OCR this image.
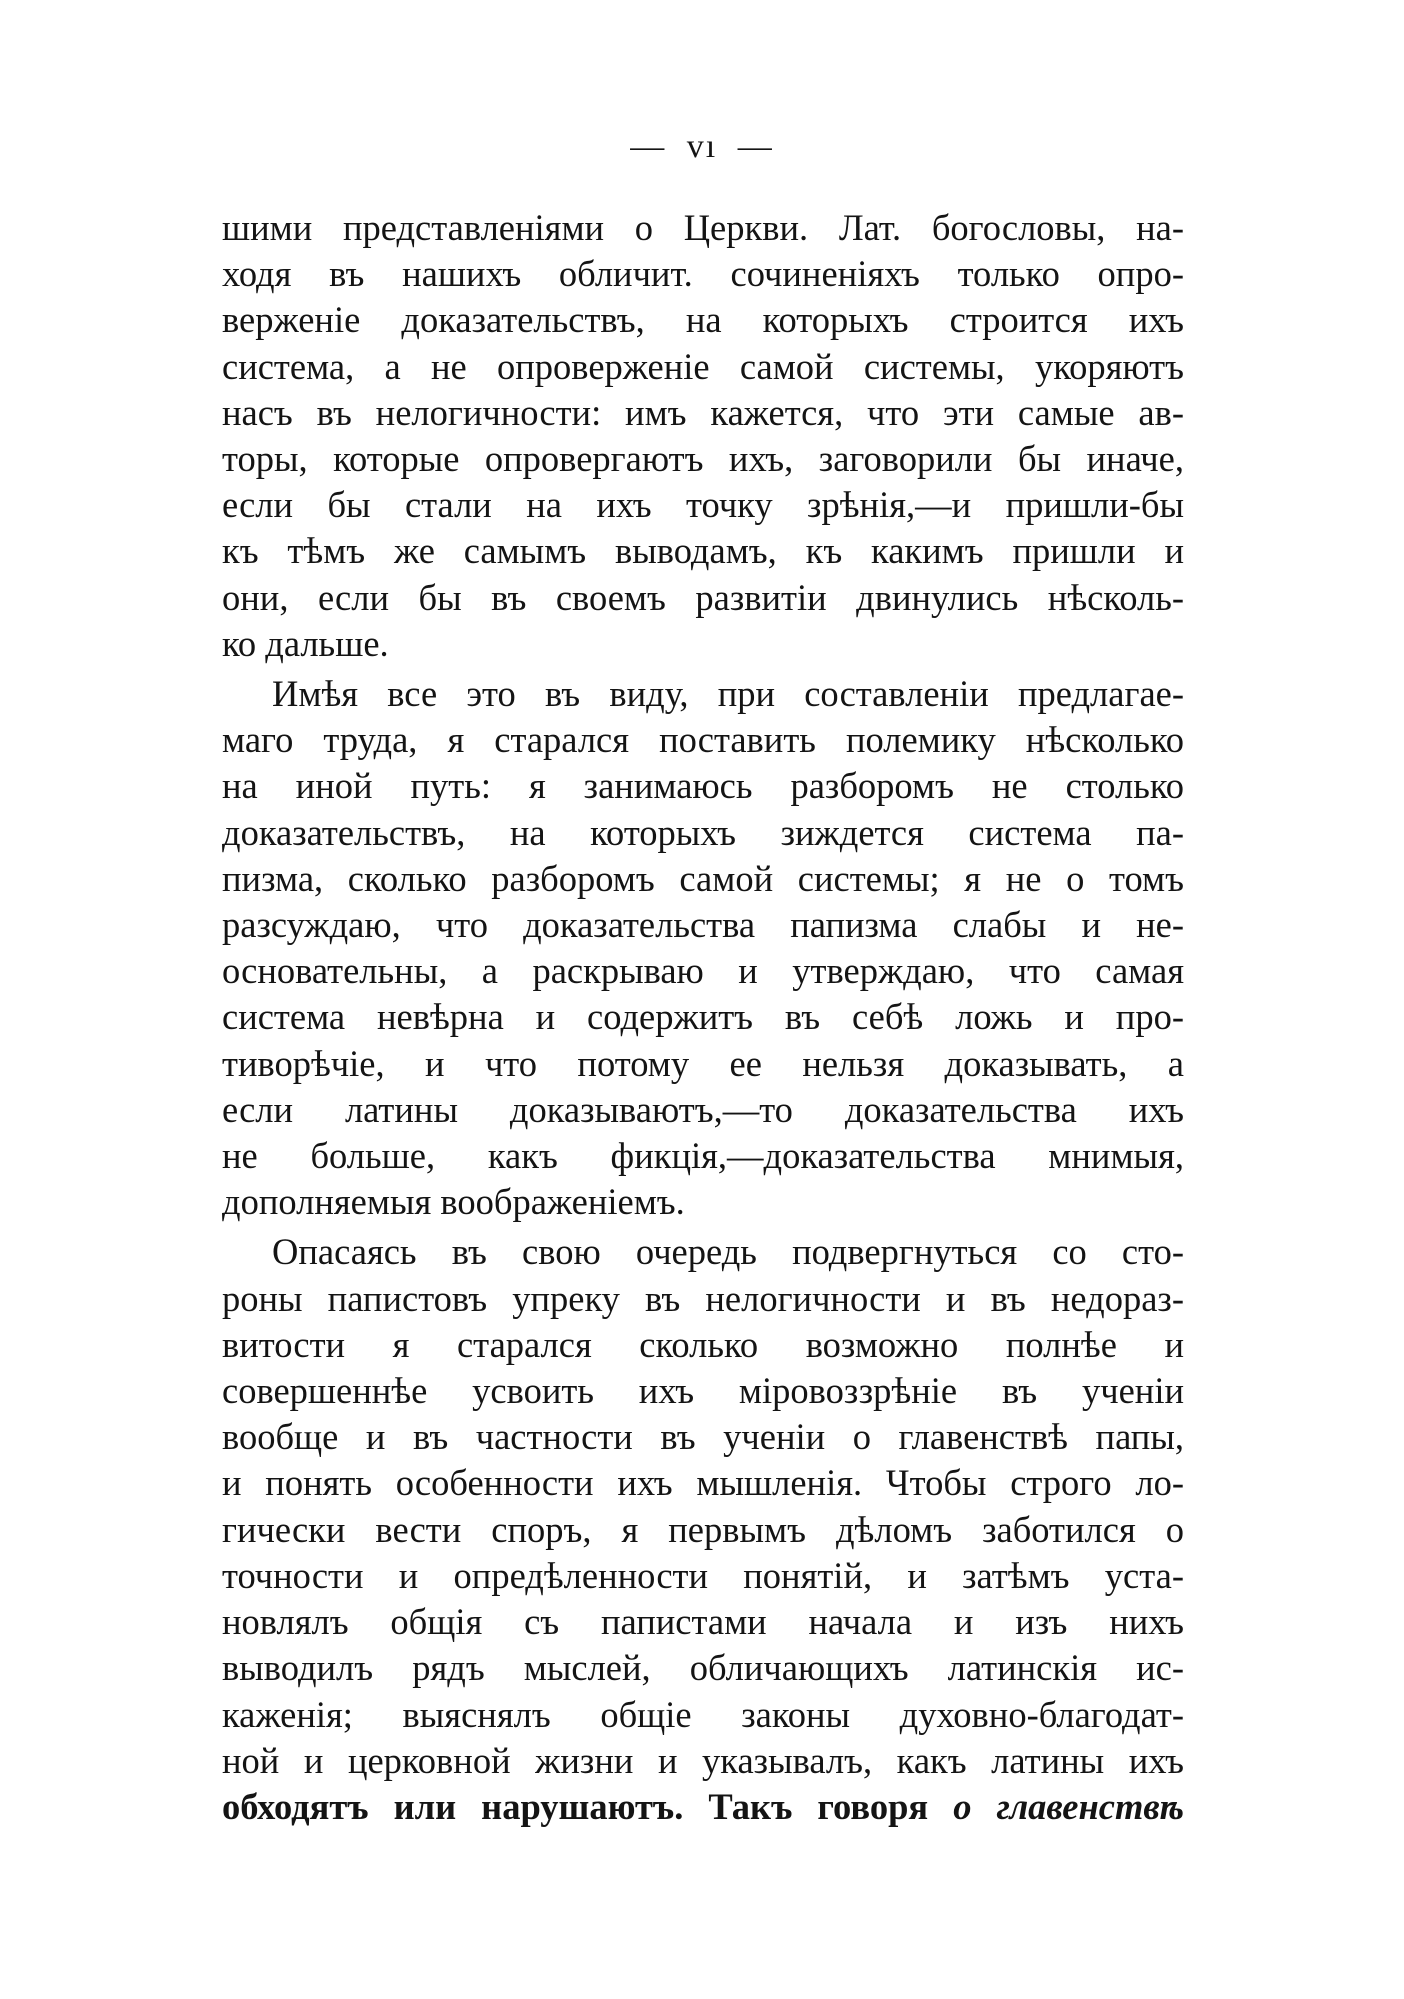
— vı —

шими представленіями о Церкви. Лат. богословы, на-
ходя въ нашихъ обличит. сочиненіяхъ только опро-
верженіе доказательствъ, на которыхъ строится ихъ
система, а не опроверженіе самой системы, укоряютъ
насъ въ нелогичности: имъ кажется, что эти самые ав-
торы, которые опровергаютъ ихъ, заговорили бы иначе,
если бы стали на ихъ точку зрѣнія,—и пришли-бы
къ тѣмъ же самымъ выводамъ, къ какимъ пришли и
они, если бы въ своемъ развитіи двинулись нѣсколь-
ко дальше.

Имѣя все это въ виду, при составленіи предлагае-
маго труда, я старался поставить полемику нѣсколько
на иной путь: я занимаюсь разборомъ не столько
доказательствъ, на которыхъ зиждется система па-
пизма, сколько разборомъ самой системы; я не о томъ
разсуждаю, что доказательства папизма слабы и не-
основательны, а раскрываю и утверждаю, что самая
система невѣрна и содержитъ въ себѣ ложь и про-
тиворѣчіе, и что потому ее нельзя доказывать, а
если латины доказываютъ,—то доказательства ихъ
не больше, какъ фикція,—доказательства мнимыя,
дополняемыя воображеніемъ.

Опасаясь въ свою очередь подвергнуться со сто-
роны папистовъ упреку въ нелогичности и въ недораз-
витости я старался сколько возможно полнѣе и
совершеннѣе усвоить ихъ міровоззрѣніе въ ученіи
вообще и въ частности въ ученіи о главенствѣ папы,
и понять особенности ихъ мышленія. Чтобы строго ло-
гически вести споръ, я первымъ дѣломъ заботился о
точности и опредѣленности понятій, и затѣмъ уста-
новлялъ общія съ папистами начала и изъ нихъ
выводилъ рядъ мыслей, обличающихъ латинскія ис-
каженія; выяснялъ общіе законы духовно-благодат-
ной и церковной жизни и указывалъ, какъ латины ихъ
обходятъ или нарушаютъ. Такъ говоря о главенствѣ
